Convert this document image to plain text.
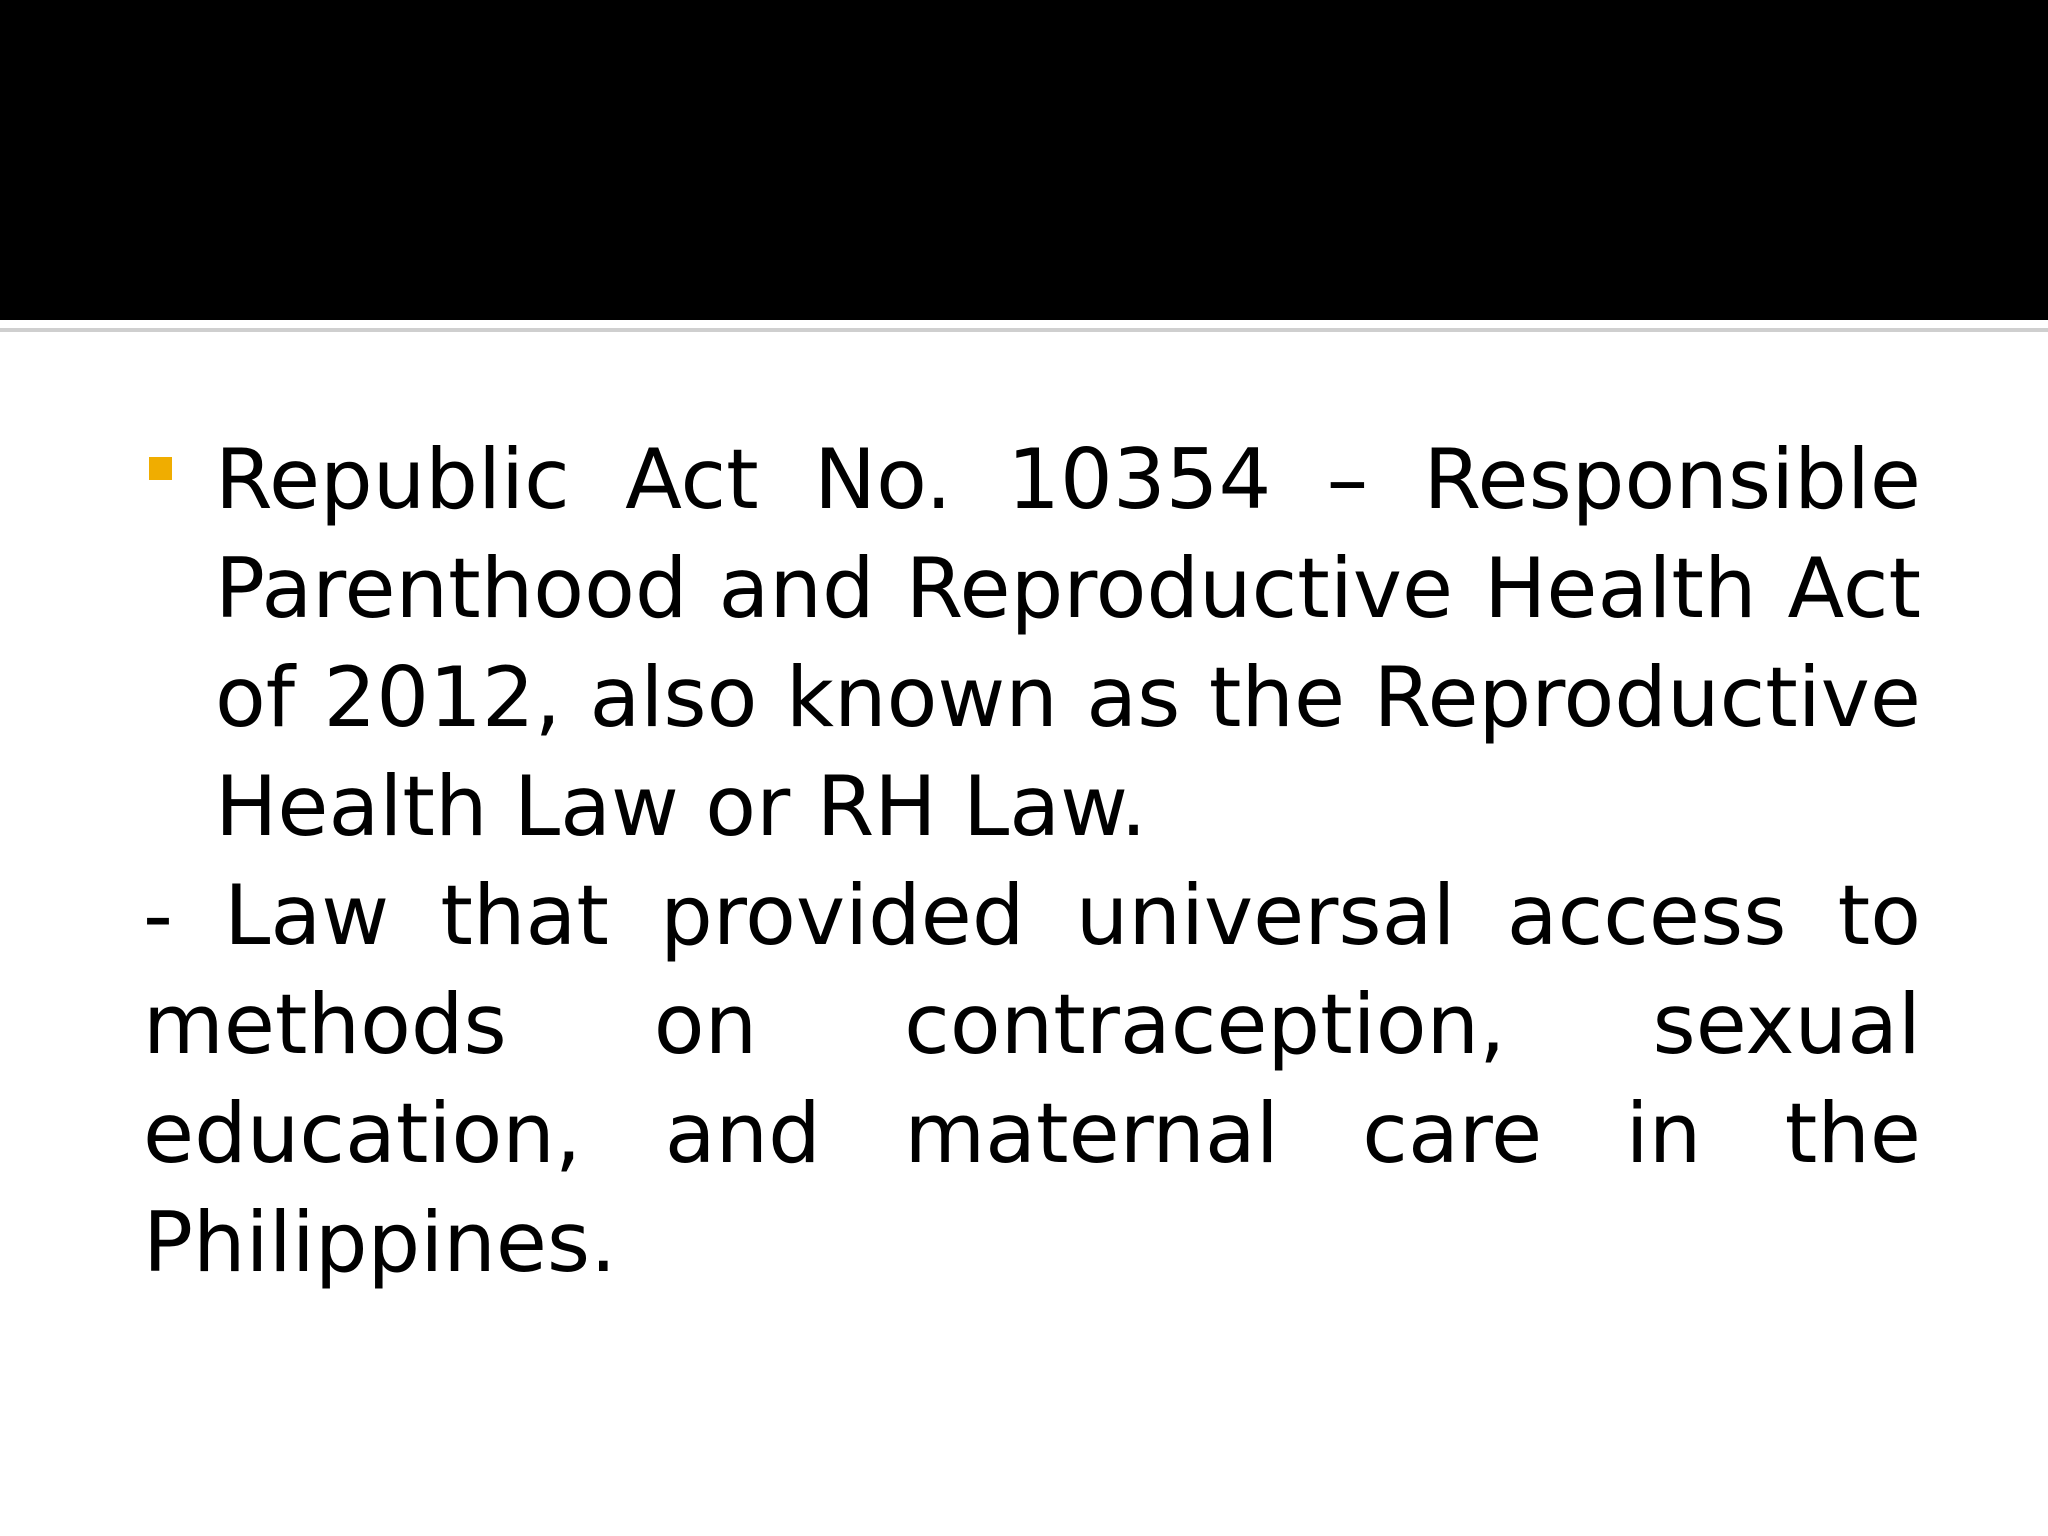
Republic Act No. 10354 – Responsible Parenthood and Reproductive Health Act of 2012, also known as the Reproductive Health Law or RH Law.

- Law that provided universal access to methods on contraception, sexual education, and maternal care in the Philippines.
